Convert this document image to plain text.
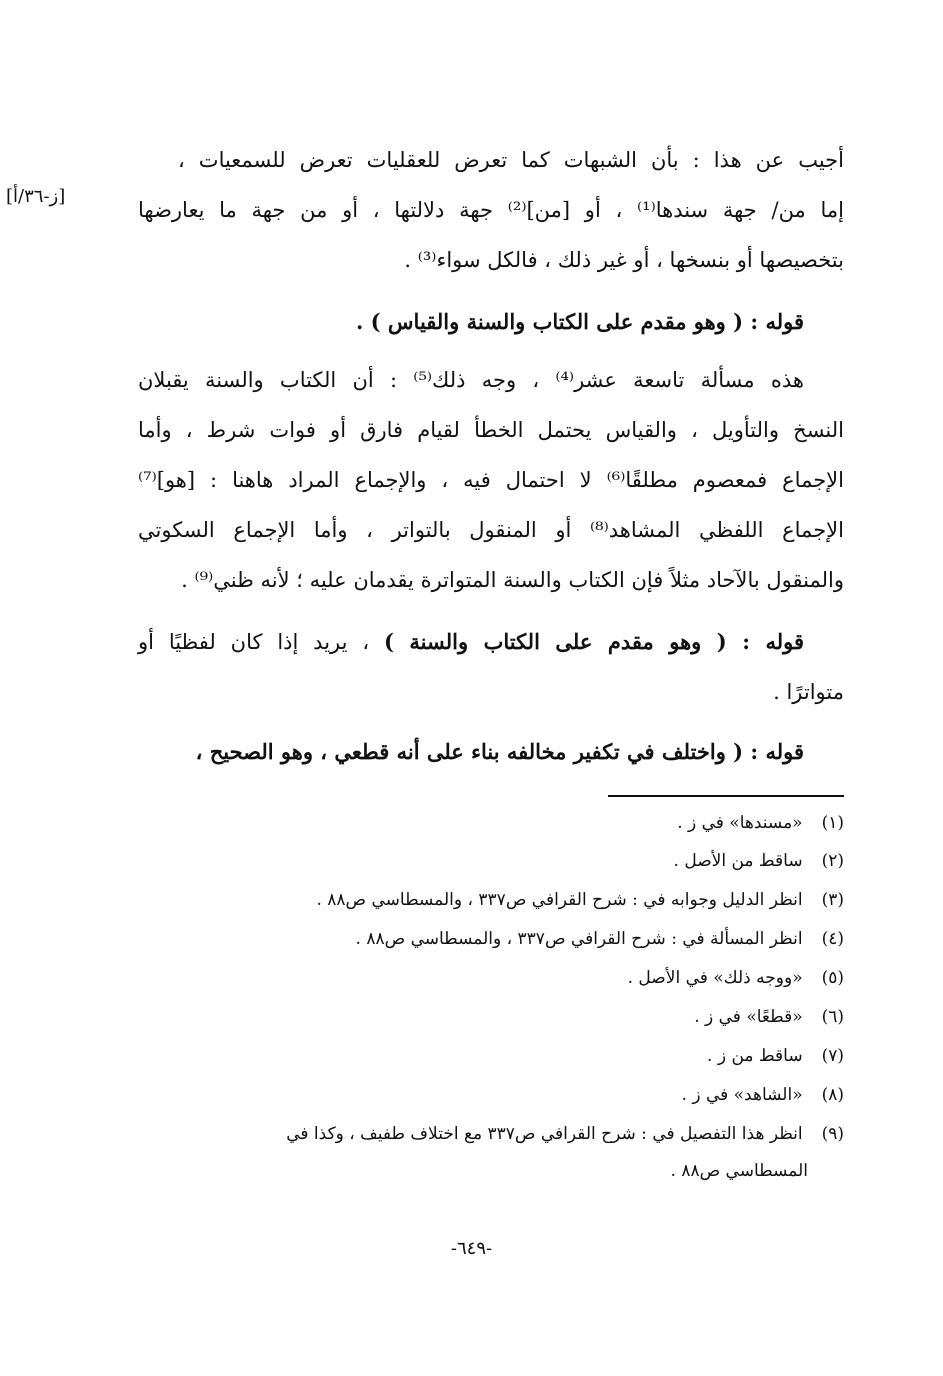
[ز-٣٦/أ]
أجيب عن هذا : بأن الشبهات كما تعرض للعقليات تعرض للسمعيات ،
إما من/ جهة سندها⁽¹⁾ ، أو [من]⁽²⁾ جهة دلالتها ، أو من جهة ما يعارضها
بتخصيصها أو بنسخها ، أو غير ذلك ، فالكل سواء⁽³⁾ .
قوله : ( وهو مقدم على الكتاب والسنة والقياس ) .
هذه مسألة تاسعة عشر⁽⁴⁾ ، وجه ذلك⁽⁵⁾ : أن الكتاب والسنة يقبلان
النسخ والتأويل ، والقياس يحتمل الخطأ لقيام فارق أو فوات شرط ، وأما
الإجماع فمعصوم مطلقًا⁽⁶⁾ لا احتمال فيه ، والإجماع المراد هاهنا : [هو]⁽⁷⁾
الإجماع اللفظي المشاهد⁽⁸⁾ أو المنقول بالتواتر ، وأما الإجماع السكوتي
والمنقول بالآحاد مثلاً فإن الكتاب والسنة المتواترة يقدمان عليه ؛ لأنه ظني⁽⁹⁾ .
قوله : ( وهو مقدم على الكتاب والسنة ) ، يريد إذا كان لفظيًا أو
متواترًا .
قوله : ( واختلف في تكفير مخالفه بناء على أنه قطعي ، وهو الصحيح ،
(١) «مسندها» في ز .
(٢) ساقط من الأصل .
(٣) انظر الدليل وجوابه في : شرح القرافي ص٣٣٧ ، والمسطاسي ص٨٨ .
(٤) انظر المسألة في : شرح القرافي ص٣٣٧ ، والمسطاسي ص٨٨ .
(٥) «ووجه ذلك» في الأصل .
(٦) «قطعًا» في ز .
(٧) ساقط من ز .
(٨) «الشاهد» في ز .
(٩) انظر هذا التفصيل في : شرح القرافي ص٣٣٧ مع اختلاف طفيف ، وكذا في
المسطاسي ص٨٨ .
-٦٤٩-
